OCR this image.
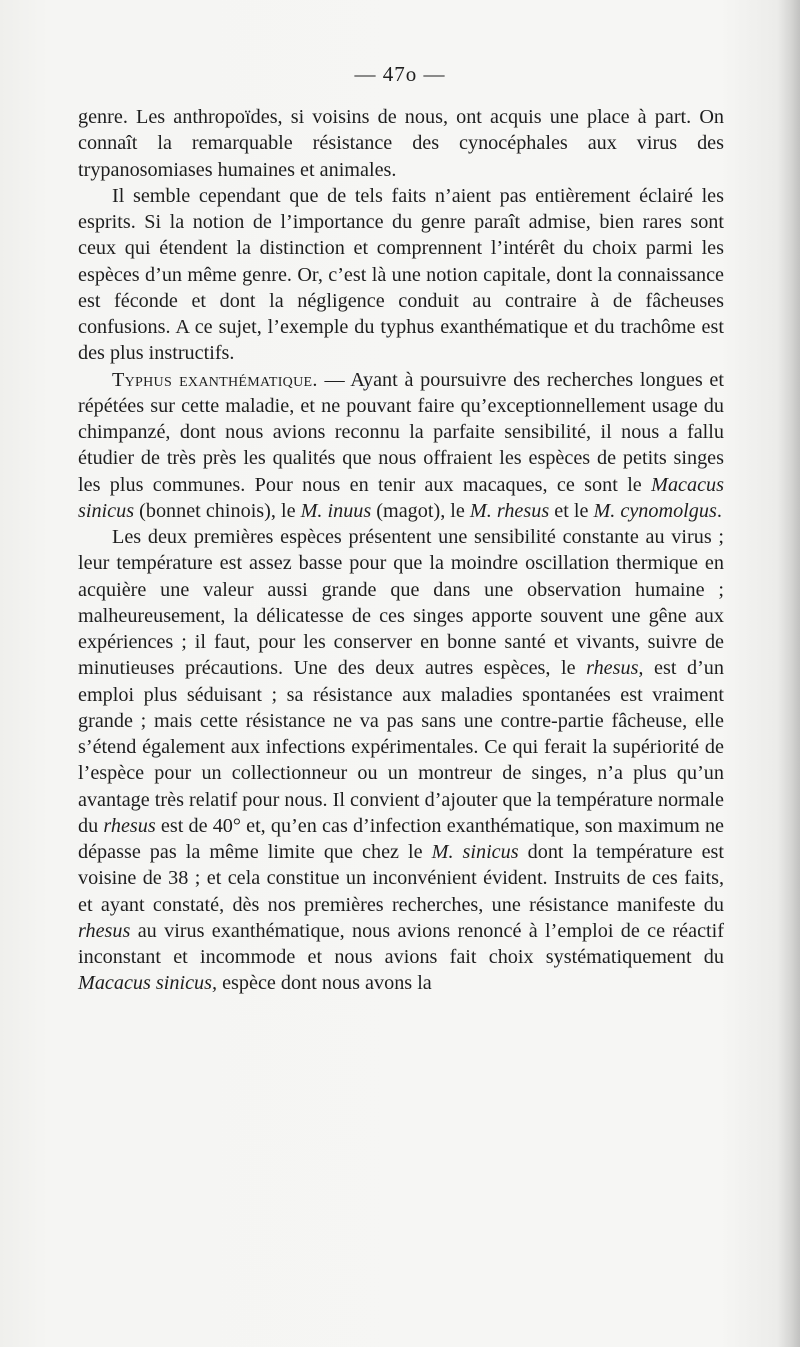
— 47o —

genre. Les anthropoïdes, si voisins de nous, ont acquis une place à part. On connaît la remarquable résistance des cynocéphales aux virus des trypanosomiases humaines et animales.

Il semble cependant que de tels faits n’aient pas entièrement éclairé les esprits. Si la notion de l’importance du genre paraît admise, bien rares sont ceux qui étendent la distinction et comprennent l’intérêt du choix parmi les espèces d’un même genre. Or, c’est là une notion capitale, dont la connaissance est féconde et dont la négligence conduit au contraire à de fâcheuses confusions. A ce sujet, l’exemple du typhus exanthématique et du trachôme est des plus instructifs.

Typhus exanthématique. — Ayant à poursuivre des recherches longues et répétées sur cette maladie, et ne pouvant faire qu’exceptionnellement usage du chimpanzé, dont nous avions reconnu la parfaite sensibilité, il nous a fallu étudier de très près les qualités que nous offraient les espèces de petits singes les plus communes. Pour nous en tenir aux macaques, ce sont le Macacus sinicus (bonnet chinois), le M. inuus (magot), le M. rhesus et le M. cynomolgus.

Les deux premières espèces présentent une sensibilité constante au virus ; leur température est assez basse pour que la moindre oscillation thermique en acquière une valeur aussi grande que dans une observation humaine ; malheureusement, la délicatesse de ces singes apporte souvent une gêne aux expériences ; il faut, pour les conserver en bonne santé et vivants, suivre de minutieuses précautions. Une des deux autres espèces, le rhesus, est d’un emploi plus séduisant ; sa résistance aux maladies spontanées est vraiment grande ; mais cette résistance ne va pas sans une contre-partie fâcheuse, elle s’étend également aux infections expérimentales. Ce qui ferait la supériorité de l’espèce pour un collectionneur ou un montreur de singes, n’a plus qu’un avantage très relatif pour nous. Il convient d’ajouter que la température normale du rhesus est de 40° et, qu’en cas d’infection exanthématique, son maximum ne dépasse pas la même limite que chez le M. sinicus dont la température est voisine de 38 ; et cela constitue un inconvénient évident. Instruits de ces faits, et ayant constaté, dès nos premières recherches, une résistance manifeste du rhesus au virus exanthématique, nous avions renoncé à l’emploi de ce réactif inconstant et incommode et nous avions fait choix systématiquement du Macacus sinicus, espèce dont nous avons la
